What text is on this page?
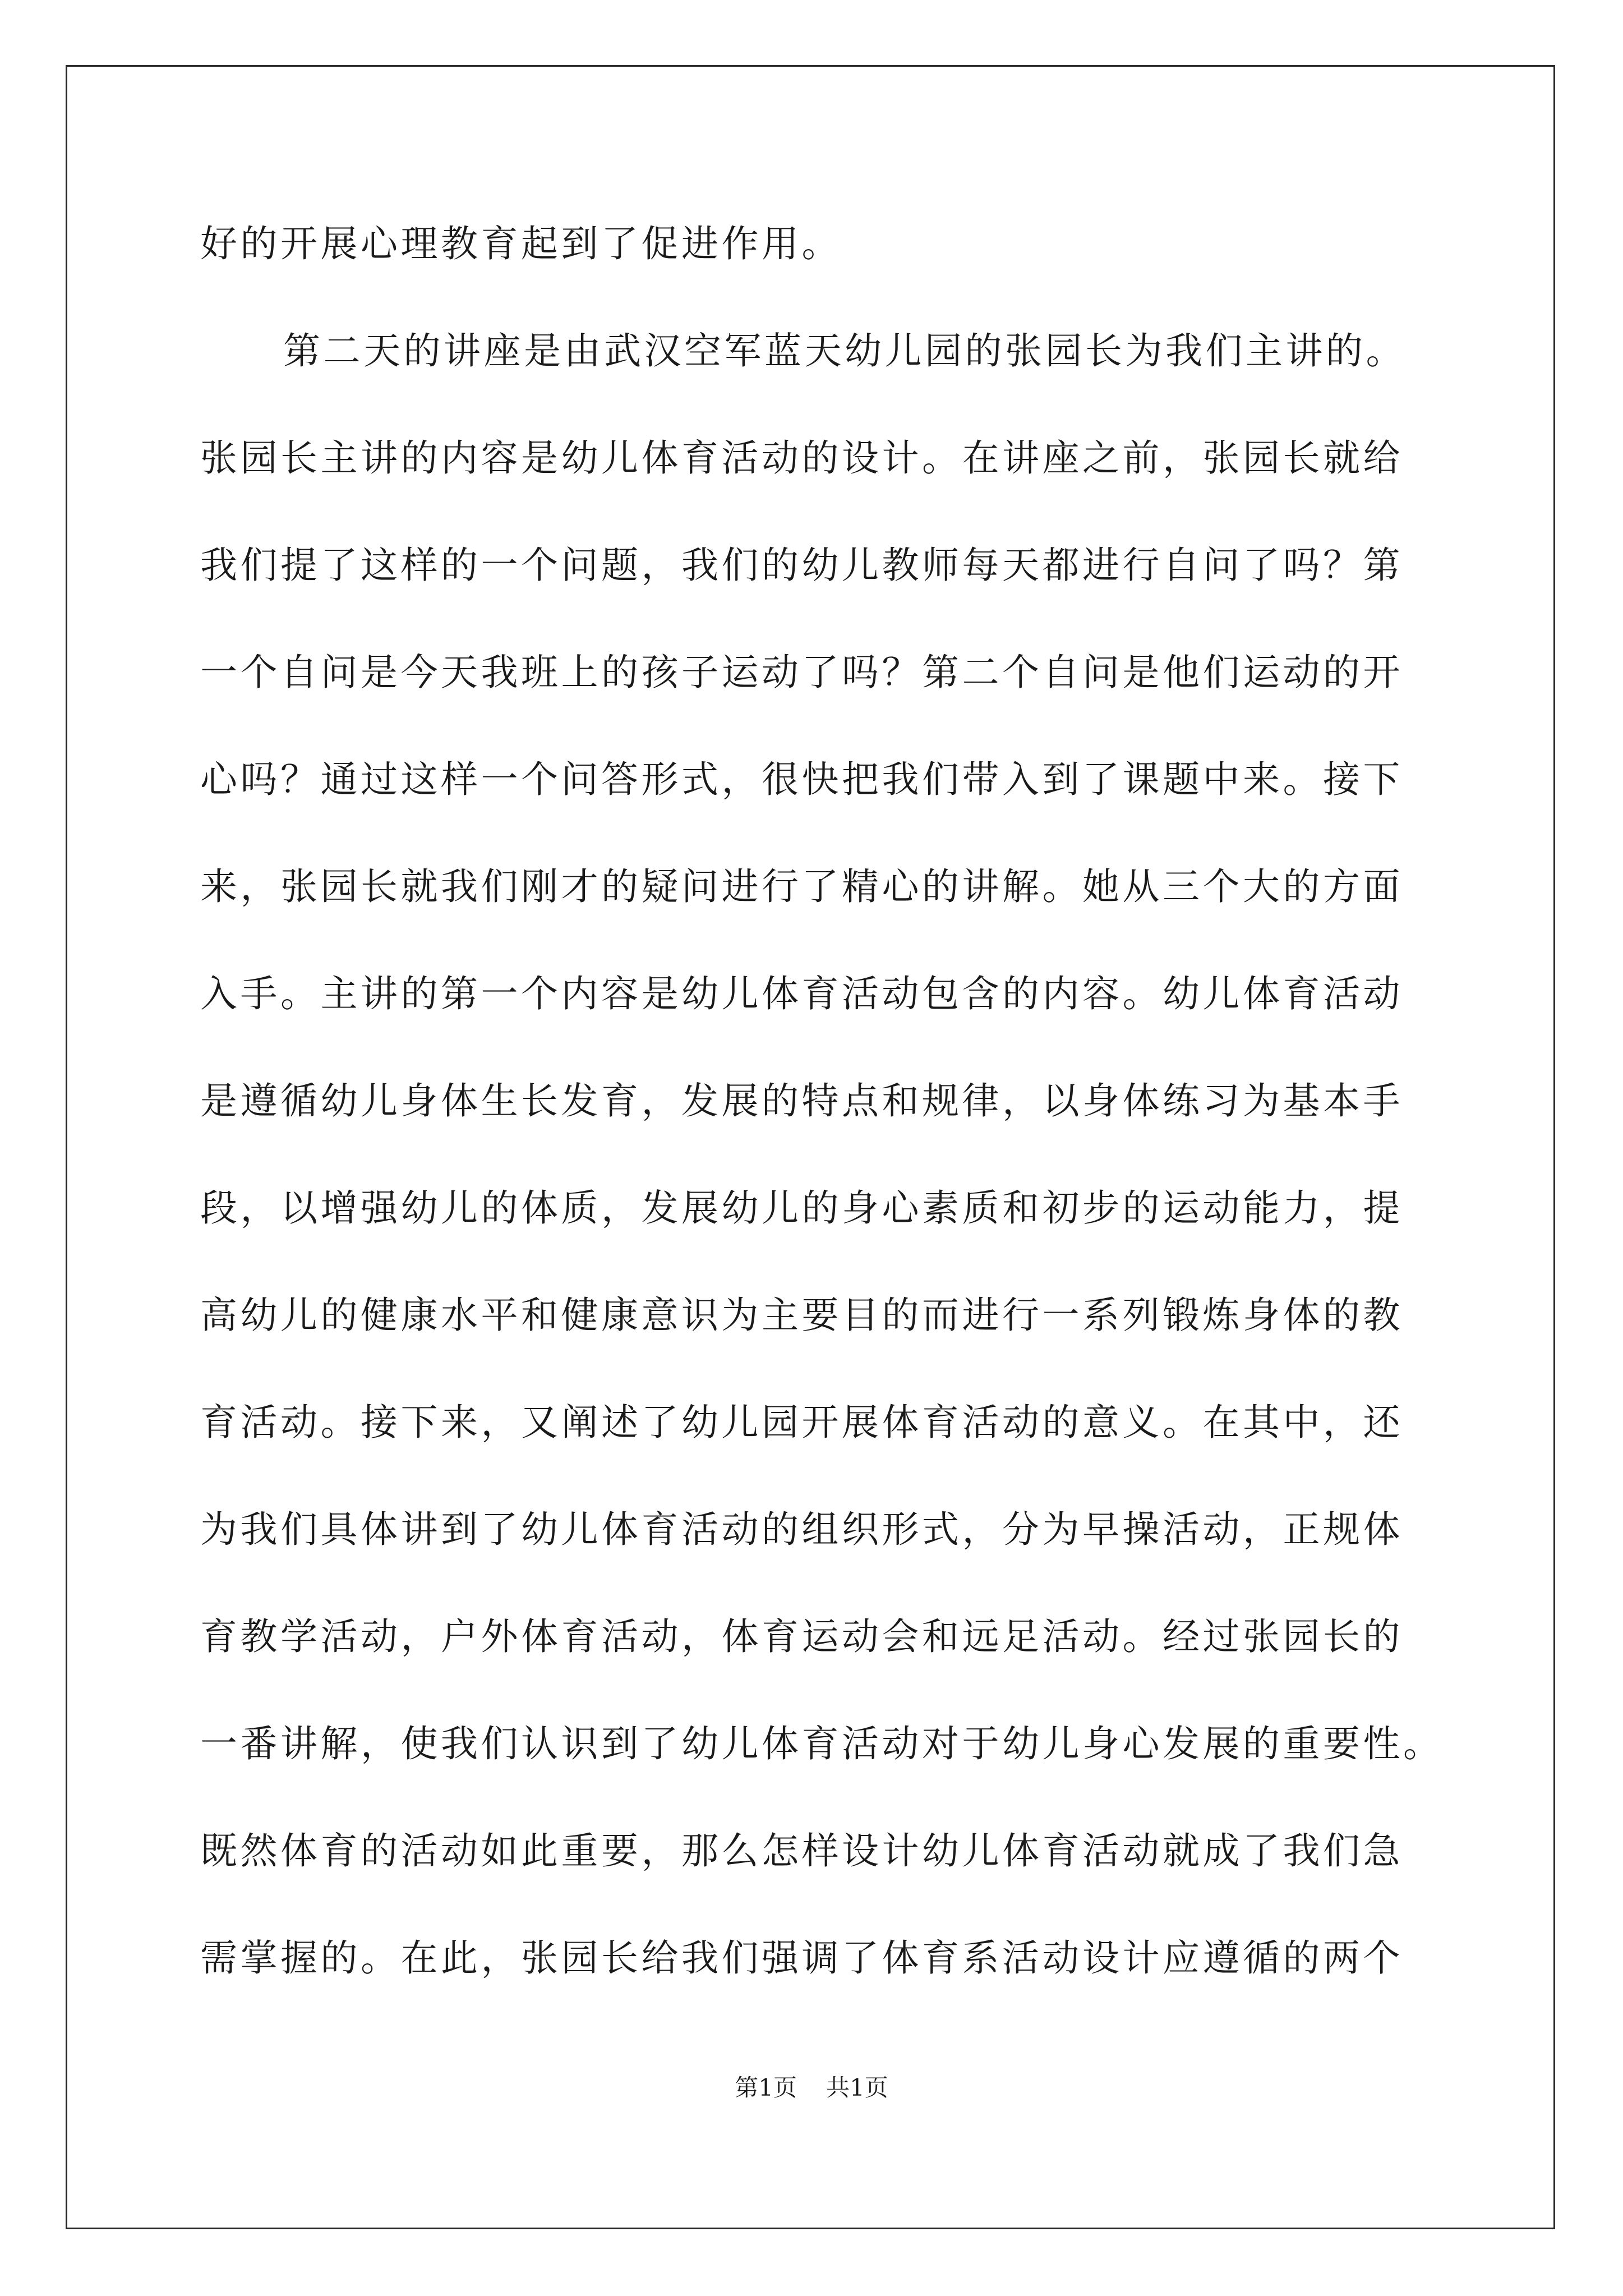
好的开展心理教育起到了促进作用。
第二天的讲座是由武汉空军蓝天幼儿园的张园长为我们主讲的。
张园长主讲的内容是幼儿体育活动的设计。在讲座之前，张园长就给
我们提了这样的一个问题，我们的幼儿教师每天都进行自问了吗？第
一个自问是今天我班上的孩子运动了吗？第二个自问是他们运动的开
心吗？通过这样一个问答形式，很快把我们带入到了课题中来。接下
来，张园长就我们刚才的疑问进行了精心的讲解。她从三个大的方面
入手。主讲的第一个内容是幼儿体育活动包含的内容。幼儿体育活动
是遵循幼儿身体生长发育，发展的特点和规律，以身体练习为基本手
段，以增强幼儿的体质，发展幼儿的身心素质和初步的运动能力，提
高幼儿的健康水平和健康意识为主要目的而进行一系列锻炼身体的教
育活动。接下来，又阐述了幼儿园开展体育活动的意义。在其中，还
为我们具体讲到了幼儿体育活动的组织形式，分为早操活动，正规体
育教学活动，户外体育活动，体育运动会和远足活动。经过张园长的
一番讲解，使我们认识到了幼儿体育活动对于幼儿身心发展的重要性。
既然体育的活动如此重要，那么怎样设计幼儿体育活动就成了我们急
需掌握的。在此，张园长给我们强调了体育系活动设计应遵循的两个
第1页 共1页
